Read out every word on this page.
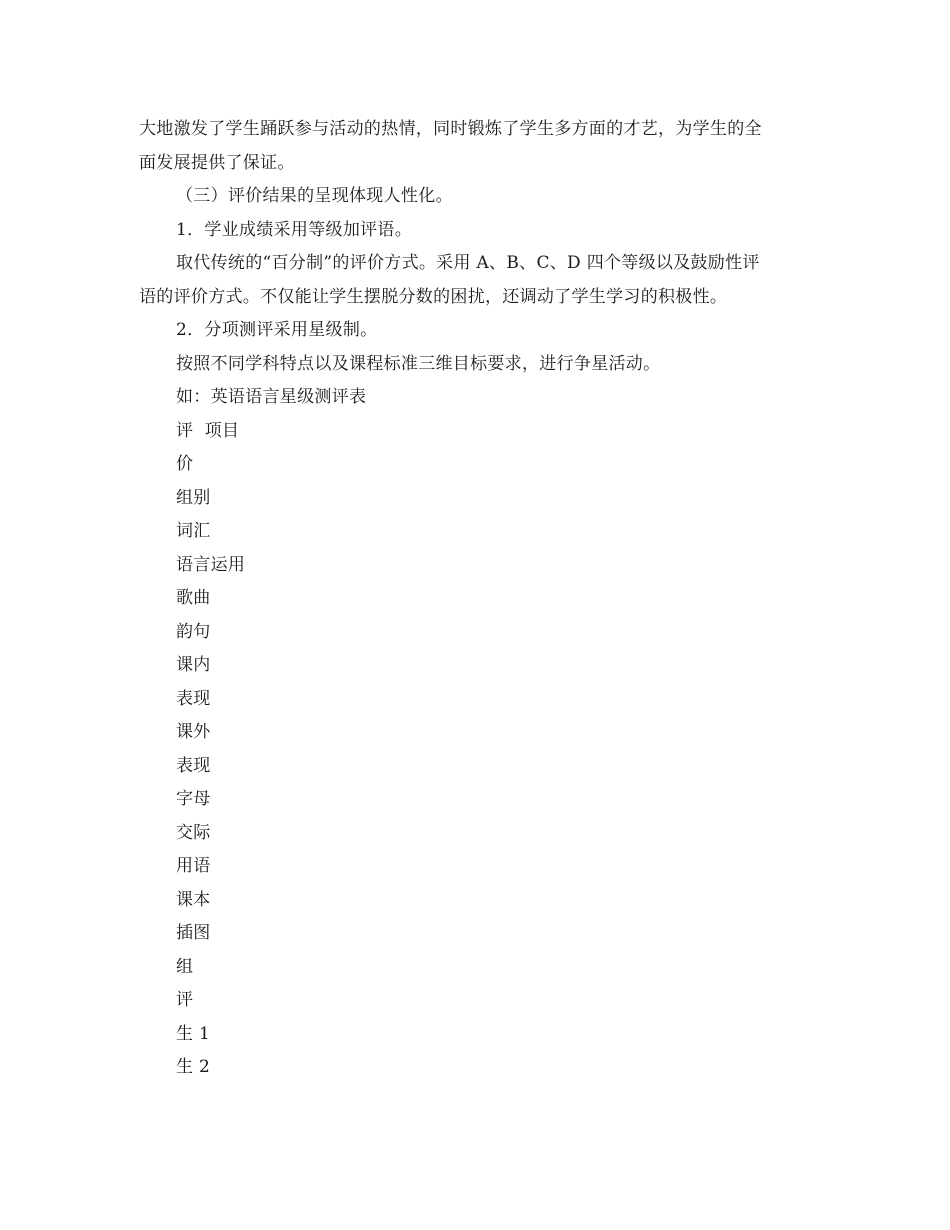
大地激发了学生踊跃参与活动的热情，同时锻炼了学生多方面的才艺，为学生的全
面发展提供了保证。
（三）评价结果的呈现体现人性化。
1．学业成绩采用等级加评语。
取代传统的“百分制”的评价方式。采用 A、B、C、D 四个等级以及鼓励性评
语的评价方式。不仅能让学生摆脱分数的困扰，还调动了学生学习的积极性。
2．分项测评采用星级制。
按照不同学科特点以及课程标准三维目标要求，进行争星活动。
如：英语语言星级测评表
评  项目
价
组别
词汇
语言运用
歌曲
韵句
课内
表现
课外
表现
字母
交际
用语
课本
插图
组
评
生 1
生 2
